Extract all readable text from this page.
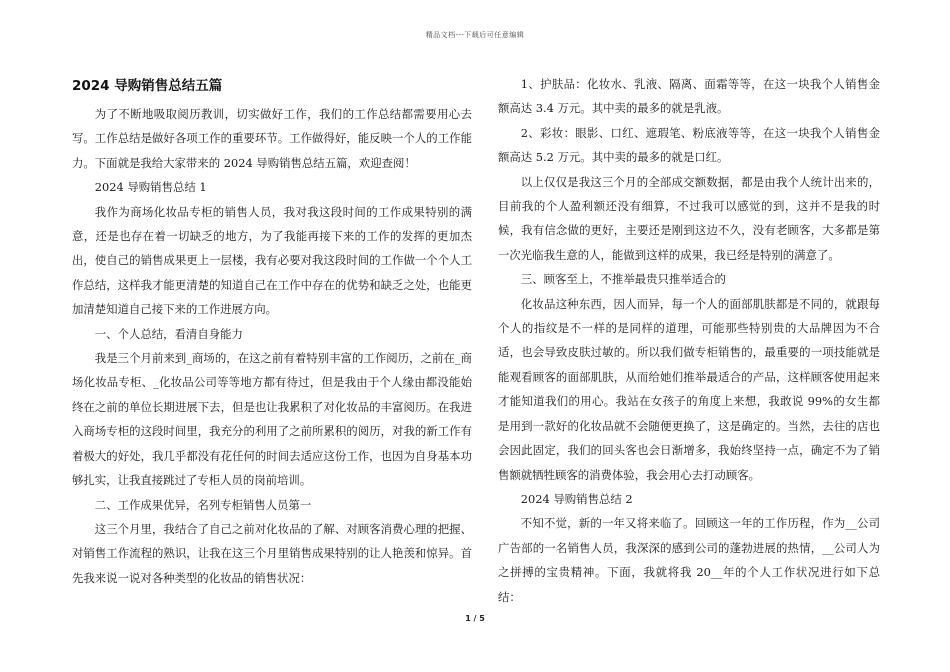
精品文档---下载后可任意编辑
2024 导购销售总结五篇

为了不断地吸取阅历教训，切实做好工作，我们的工作总结都需要用心去写。工作总结是做好各项工作的重要环节。工作做得好，能反映一个人的工作能力。下面就是我给大家带来的 2024 导购销售总结五篇，欢迎查阅！

2024 导购销售总结 1

我作为商场化妆品专柜的销售人员，我对我这段时间的工作成果特别的满意，还是也存在着一切缺乏的地方，为了我能再接下来的工作的发挥的更加杰出，使自己的销售成果更上一层楼，我有必要对我这段时间的工作做一个个人工作总结，这样我才能更清楚的知道自己在工作中存在的优势和缺乏之处，也能更加清楚知道自己接下来的工作进展方向。

一、个人总结，看清自身能力

我是三个月前来到_商场的，在这之前有着特别丰富的工作阅历，之前在_商场化妆品专柜、_化妆品公司等等地方都有待过，但是我由于个人缘由都没能始终在之前的单位长期进展下去，但是也让我累积了对化妆品的丰富阅历。在我进入商场专柜的这段时间里，我充分的利用了之前所累积的阅历，对我的新工作有着极大的好处，我几乎都没有花任何的时间去适应这份工作，也因为自身基本功够扎实，让我直接跳过了专柜人员的岗前培训。

二、工作成果优异，名列专柜销售人员第一

这三个月里，我结合了自己之前对化妆品的了解、对顾客消费心理的把握、对销售工作流程的熟识，让我在这三个月里销售成果特别的让人艳羡和惊异。首先我来说一说对各种类型的化妆品的销售状况：

1、护肤品：化妆水、乳液、隔离、面霜等等，在这一块我个人销售金额高达 3.4 万元。其中卖的最多的就是乳液。

2、彩妆：眼影、口红、遮瑕笔、粉底液等等，在这一块我个人销售金额高达 5.2 万元。其中卖的最多的就是口红。

以上仅仅是我这三个月的全部成交额数据，都是由我个人统计出来的，目前我的个人盈利额还没有细算，不过我可以感觉的到，这并不是我的时候，我有信念做的更好，主要还是刚到这边不久，没有老顾客，大多都是第一次光临我生意的人，能做到这样的成果，我已经是特别的满意了。

三、顾客至上，不推举最贵只推举适合的

化妆品这种东西，因人而异，每一个人的面部肌肤都是不同的，就跟每个人的指纹是不一样的是同样的道理，可能那些特别贵的大品牌因为不合适，也会导致皮肤过敏的。所以我们做专柜销售的，最重要的一项技能就是能观看顾客的面部肌肤，从而给她们推举最适合的产品，这样顾客使用起来才能知道我们的用心。我站在女孩子的角度上来想，我敢说 99%的女生都是用到一款好的化妆品就不会随便更换了，这是确定的。当然，去往的店也会因此固定，我们的回头客也会日渐增多，我始终坚持一点，确定不为了销售额就牺牲顾客的消费体验，我会用心去打动顾客。

2024 导购销售总结 2

不知不觉，新的一年又将来临了。回顾这一年的工作历程，作为__公司广告部的一名销售人员，我深深的感到公司的蓬勃进展的热情，__公司人为之拼搏的宝贵精神。下面，我就将我 20__年的个人工作状况进行如下总结：

1 / 5
